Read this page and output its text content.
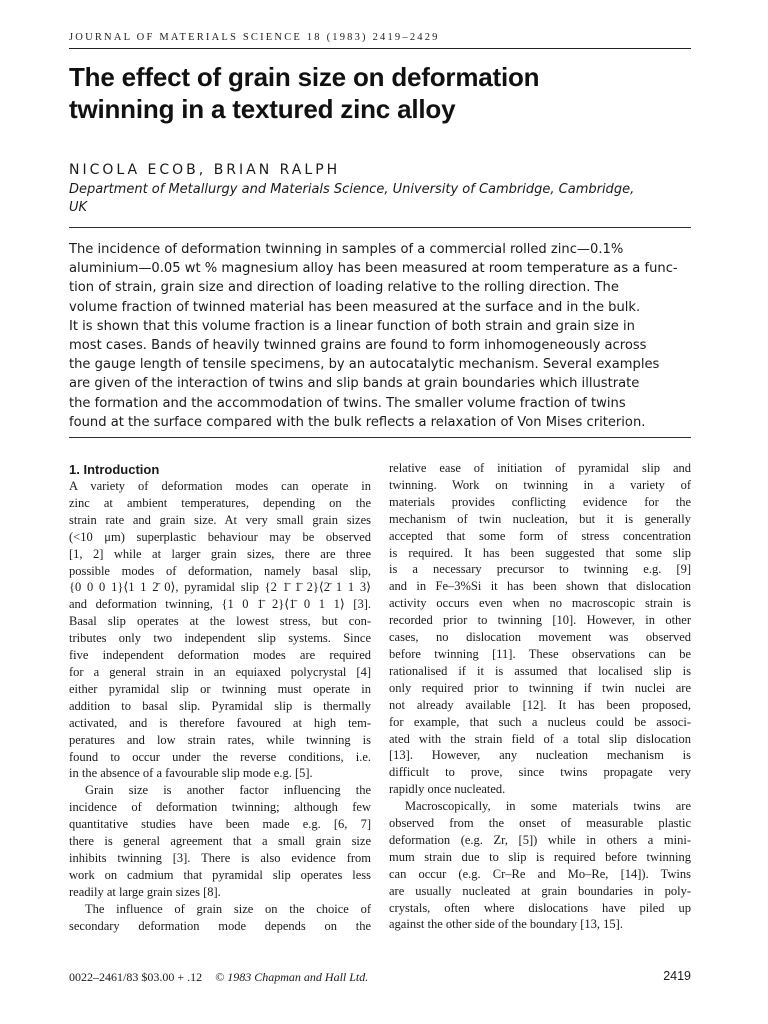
JOURNAL OF MATERIALS SCIENCE 18 (1983) 2419–2429
The effect of grain size on deformation
twinning in a textured zinc alloy
NICOLA ECOB, BRIAN RALPH
Department of Metallurgy and Materials Science, University of Cambridge, Cambridge,
UK
The incidence of deformation twinning in samples of a commercial rolled zinc—0.1%
aluminium—0.05 wt % magnesium alloy has been measured at room temperature as a func-
tion of strain, grain size and direction of loading relative to the rolling direction. The
volume fraction of twinned material has been measured at the surface and in the bulk.
It is shown that this volume fraction is a linear function of both strain and grain size in
most cases. Bands of heavily twinned grains are found to form inhomogeneously across
the gauge length of tensile specimens, by an autocatalytic mechanism. Several examples
are given of the interaction of twins and slip bands at grain boundaries which illustrate
the formation and the accommodation of twins. The smaller volume fraction of twins
found at the surface compared with the bulk reflects a relaxation of Von Mises criterion.
1. Introduction
A variety of deformation modes can operate in
zinc at ambient temperatures, depending on the
strain rate and grain size. At very small grain sizes
(<10 μm) superplastic behaviour may be observed
[1, 2] while at larger grain sizes, there are three
possible modes of deformation, namely basal slip,
{0 0 0 1}⟨1 1 2̄ 0⟩, pyramidal slip {2 1̄ 1̄ 2}⟨2̄ 1 1 3⟩
and deformation twinning, {1 0 1̄ 2}⟨1̄ 0 1 1⟩ [3].
Basal slip operates at the lowest stress, but con-
tributes only two independent slip systems. Since
five independent deformation modes are required
for a general strain in an equiaxed polycrystal [4]
either pyramidal slip or twinning must operate in
addition to basal slip. Pyramidal slip is thermally
activated, and is therefore favoured at high tem-
peratures and low strain rates, while twinning is
found to occur under the reverse conditions, i.e.
in the absence of a favourable slip mode e.g. [5].
Grain size is another factor influencing the
incidence of deformation twinning; although few
quantitative studies have been made e.g. [6, 7]
there is general agreement that a small grain size
inhibits twinning [3]. There is also evidence from
work on cadmium that pyramidal slip operates less
readily at large grain sizes [8].
The influence of grain size on the choice of
secondary deformation mode depends on the
relative ease of initiation of pyramidal slip and
twinning. Work on twinning in a variety of
materials provides conflicting evidence for the
mechanism of twin nucleation, but it is generally
accepted that some form of stress concentration
is required. It has been suggested that some slip
is a necessary precursor to twinning e.g. [9]
and in Fe–3%Si it has been shown that dislocation
activity occurs even when no macroscopic strain is
recorded prior to twinning [10]. However, in other
cases, no dislocation movement was observed
before twinning [11]. These observations can be
rationalised if it is assumed that localised slip is
only required prior to twinning if twin nuclei are
not already available [12]. It has been proposed,
for example, that such a nucleus could be associ-
ated with the strain field of a total slip dislocation
[13]. However, any nucleation mechanism is
difficult to prove, since twins propagate very
rapidly once nucleated.
Macroscopically, in some materials twins are
observed from the onset of measurable plastic
deformation (e.g. Zr, [5]) while in others a mini-
mum strain due to slip is required before twinning
can occur (e.g. Cr–Re and Mo–Re, [14]). Twins
are usually nucleated at grain boundaries in poly-
crystals, often where dislocations have piled up
against the other side of the boundary [13, 15].
0022–2461/83 $03.00 + .12 © 1983 Chapman and Hall Ltd.	2419
